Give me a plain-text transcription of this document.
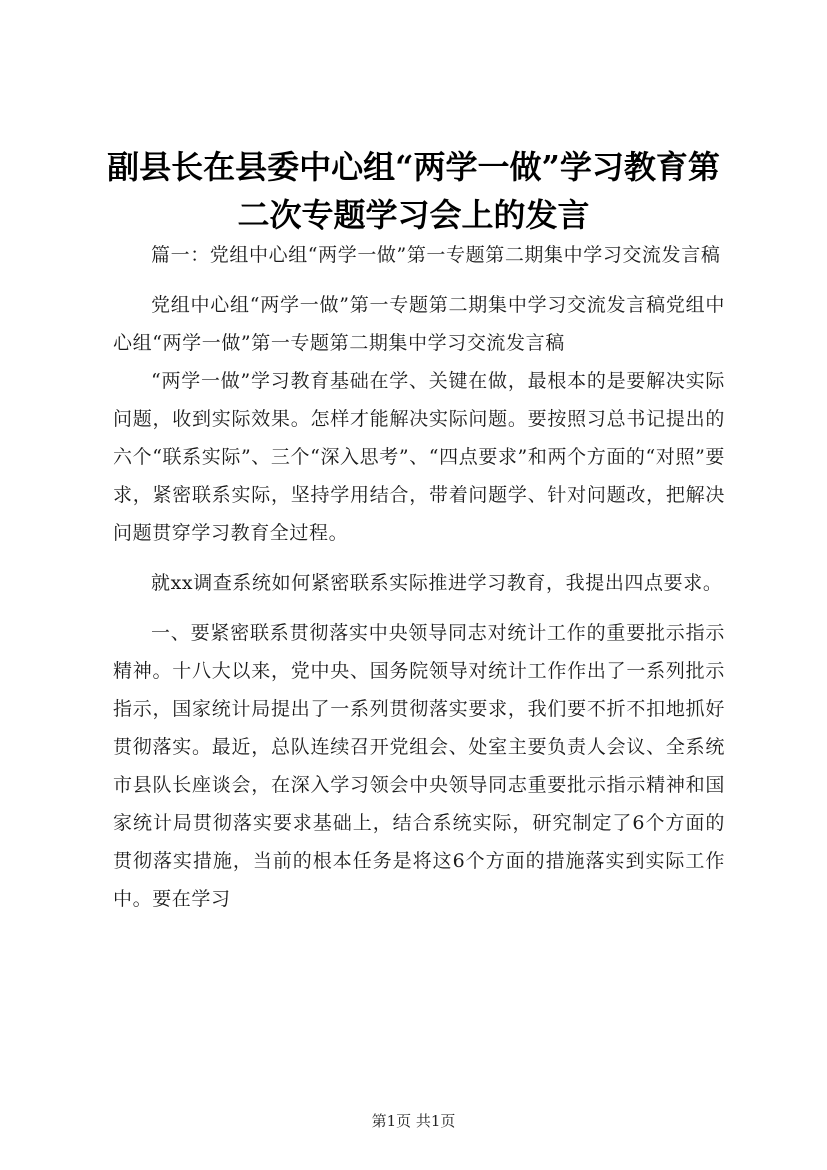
副县长在县委中心组“两学一做”学习教育第二次专题学习会上的发言

篇一：党组中心组“两学一做”第一专题第二期集中学习交流发言稿

党组中心组“两学一做”第一专题第二期集中学习交流发言稿党组中心组“两学一做”第一专题第二期集中学习交流发言稿

“两学一做”学习教育基础在学、关键在做，最根本的是要解决实际问题，收到实际效果。怎样才能解决实际问题。要按照习总书记提出的六个“联系实际”、三个“深入思考”、“四点要求”和两个方面的“对照”要求，紧密联系实际，坚持学用结合，带着问题学、针对问题改，把解决问题贯穿学习教育全过程。

就xx调查系统如何紧密联系实际推进学习教育，我提出四点要求。

一、要紧密联系贯彻落实中央领导同志对统计工作的重要批示指示精神。十八大以来，党中央、国务院领导对统计工作作出了一系列批示指示，国家统计局提出了一系列贯彻落实要求，我们要不折不扣地抓好贯彻落实。最近，总队连续召开党组会、处室主要负责人会议、全系统市县队长座谈会，在深入学习领会中央领导同志重要批示指示精神和国家统计局贯彻落实要求基础上，结合系统实际，研究制定了6个方面的贯彻落实措施，当前的根本任务是将这6个方面的措施落实到实际工作中。要在学习

第1页 共1页
